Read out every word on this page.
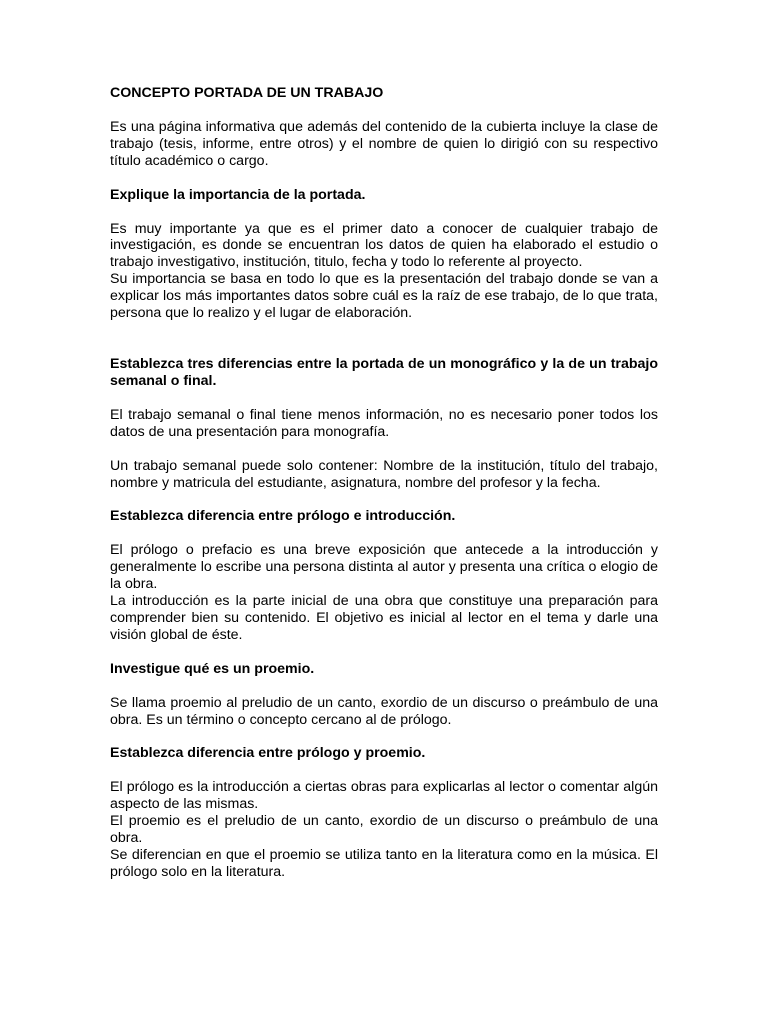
CONCEPTO PORTADA DE UN TRABAJO

Es una página informativa que además del contenido de la cubierta incluye la clase de trabajo (tesis, informe, entre otros) y el nombre de quien lo dirigió con su respectivo título académico o cargo.

Explique la importancia de la portada.

Es muy importante ya que es el primer dato a conocer de cualquier trabajo de investigación, es donde se encuentran los datos de quien ha elaborado el estudio o trabajo investigativo, institución, titulo, fecha y todo lo referente al proyecto.

Su importancia se basa en todo lo que es la presentación del trabajo donde se van a explicar los más importantes datos sobre cuál es la raíz de ese trabajo, de lo que trata, persona que lo realizo y el lugar de elaboración.

Establezca tres diferencias entre la portada de un monográfico y la de un trabajo semanal o final.

El trabajo semanal o final tiene menos información, no es necesario poner todos los datos de una presentación para monografía.

Un trabajo semanal puede solo contener: Nombre de la institución, título del trabajo, nombre y matricula del estudiante, asignatura, nombre del profesor y la fecha.

Establezca diferencia entre prólogo e introducción.

El prólogo o prefacio es una breve exposición que antecede a la introducción y generalmente lo escribe una persona distinta al autor y presenta una crítica o elogio de la obra.

La introducción es la parte inicial de una obra que constituye una preparación para comprender bien su contenido. El objetivo es inicial al lector en el tema y darle una visión global de éste.

Investigue qué es un proemio.

Se llama proemio al preludio de un canto, exordio de un discurso o preámbulo de una obra. Es un término o concepto cercano al de prólogo.

Establezca diferencia entre prólogo y proemio.

El prólogo es la introducción a ciertas obras para explicarlas al lector o comentar algún aspecto de las mismas.

El proemio es el preludio de un canto, exordio de un discurso o preámbulo de una obra.

Se diferencian en que el proemio se utiliza tanto en la literatura como en la música. El prólogo solo en la literatura.
